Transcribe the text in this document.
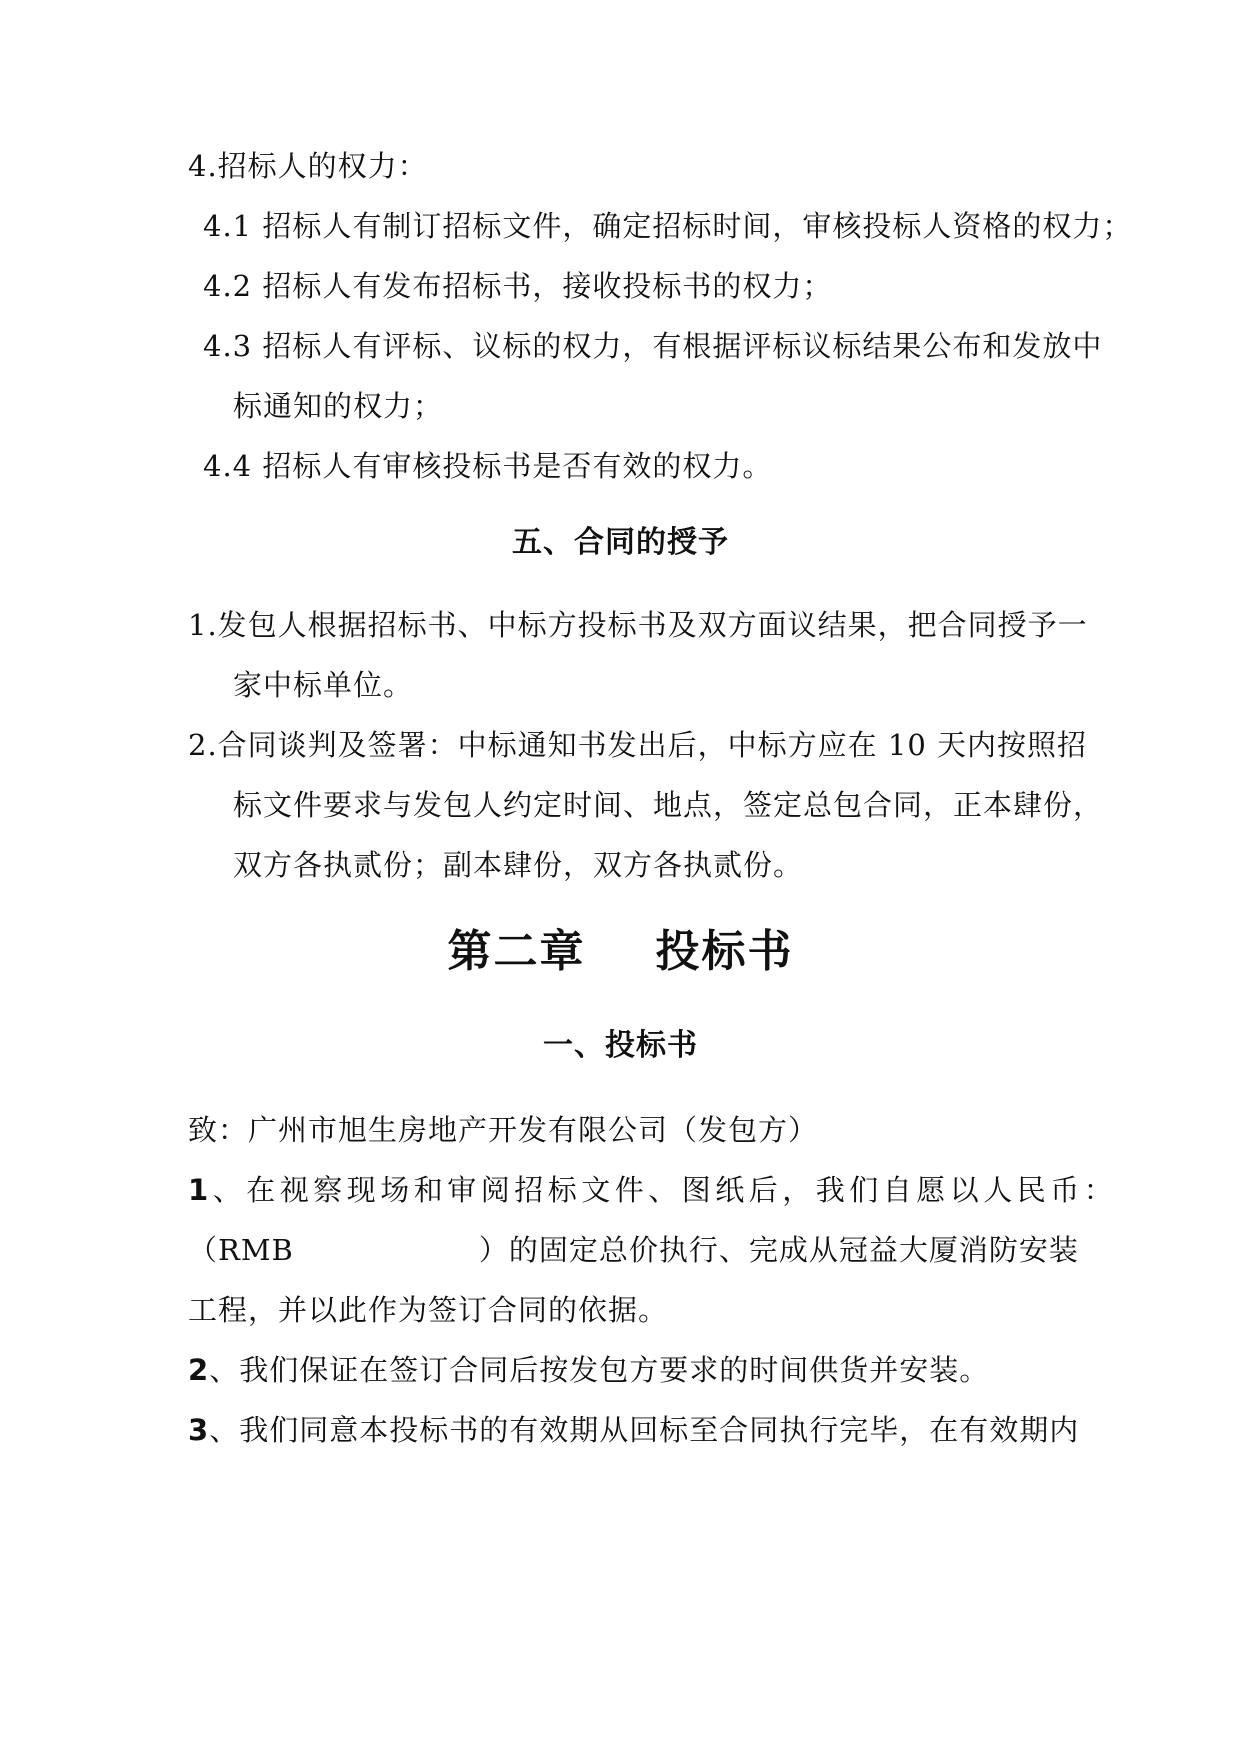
4.招标人的权力：
4.1 招标人有制订招标文件，确定招标时间，审核投标人资格的权力；
4.2 招标人有发布招标书，接收投标书的权力；
4.3 招标人有评标、议标的权力，有根据评标议标结果公布和发放中
标通知的权力；
4.4 招标人有审核投标书是否有效的权力。
五、合同的授予
1.发包人根据招标书、中标方投标书及双方面议结果，把合同授予一
家中标单位。
2.合同谈判及签署：中标通知书发出后，中标方应在 10 天内按照招
标文件要求与发包人约定时间、地点，签定总包合同，正本肆份，
双方各执贰份；副本肆份，双方各执贰份。
第二章 投标书
一、投标书
致：广州市旭生房地产开发有限公司（发包方）
1、在视察现场和审阅招标文件、图纸后，我们自愿以人民币：
（RMB	）的固定总价执行、完成从冠益大厦消防安装
工程，并以此作为签订合同的依据。
2、我们保证在签订合同后按发包方要求的时间供货并安装。
3、我们同意本投标书的有效期从回标至合同执行完毕，在有效期内
